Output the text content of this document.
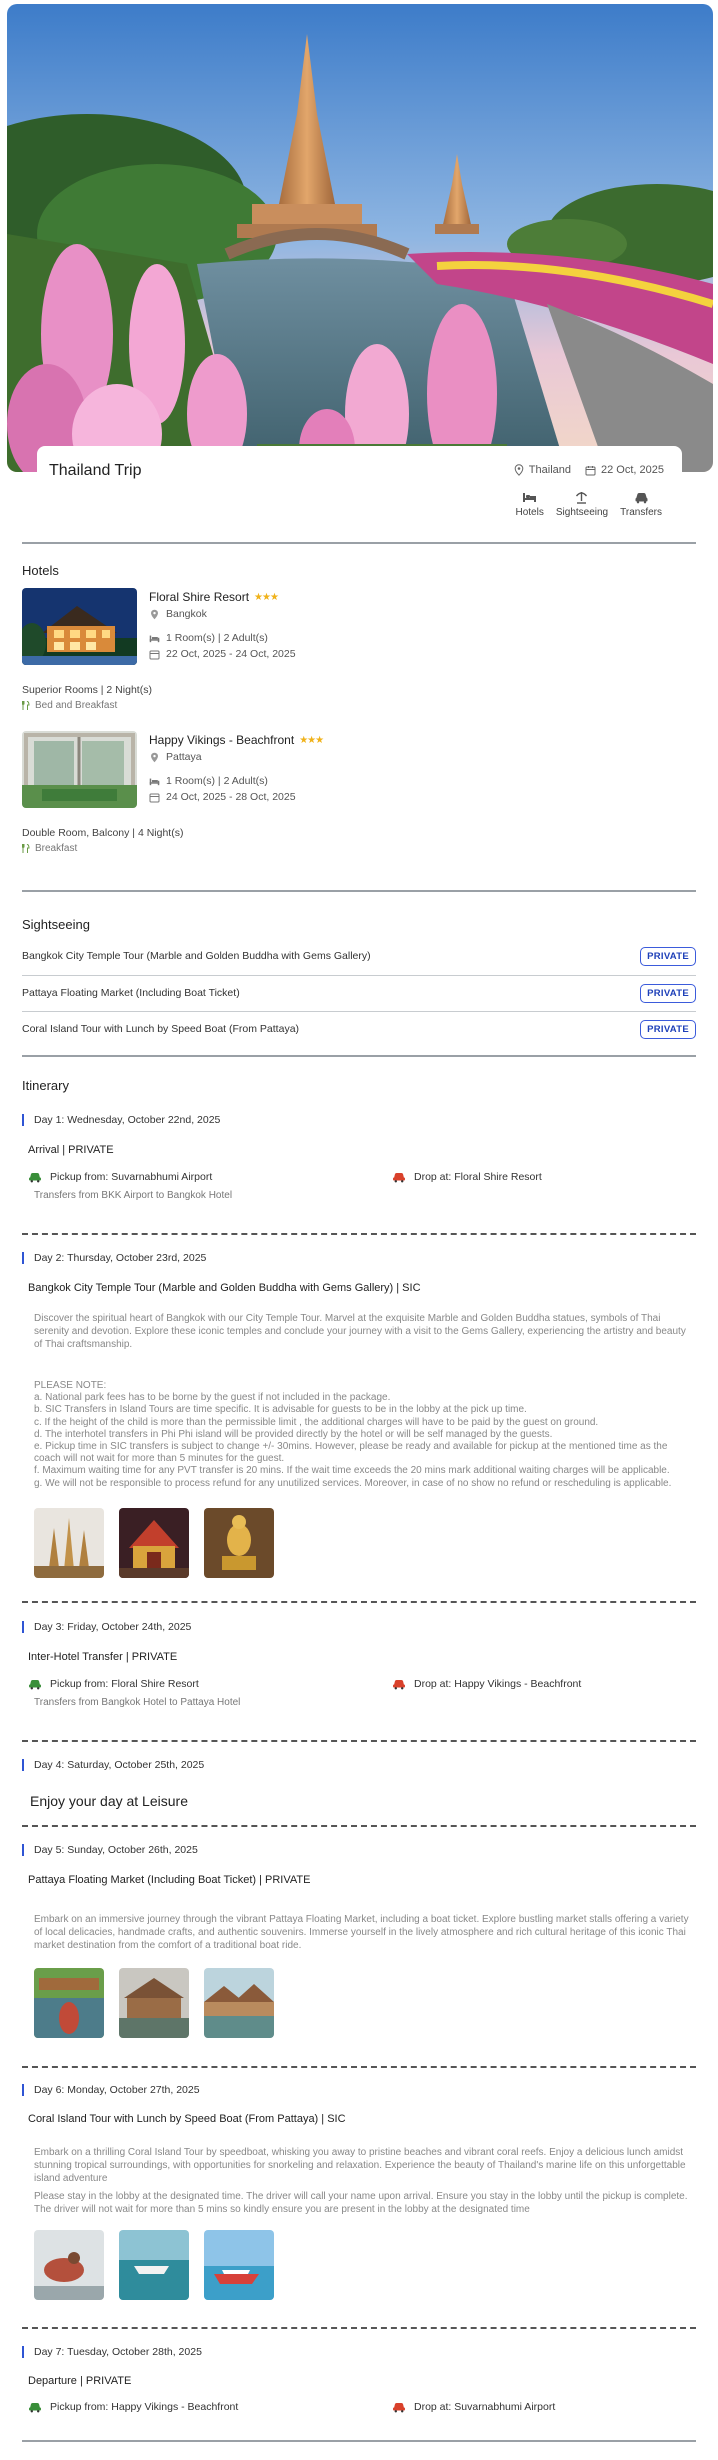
Thailand Trip	Thailand	22 Oct, 2025
Hotels Sightseeing Transfers
Hotels
Floral Shire Resort ★★★
Bangkok
1 Room(s) | 2 Adult(s)
22 Oct, 2025 - 24 Oct, 2025
Superior Rooms | 2 Night(s)
Bed and Breakfast
Happy Vikings - Beachfront ★★★
Pattaya
1 Room(s) | 2 Adult(s)
24 Oct, 2025 - 28 Oct, 2025
Double Room, Balcony | 4 Night(s)
Breakfast
Sightseeing
Bangkok City Temple Tour (Marble and Golden Buddha with Gems Gallery)	PRIVATE
Pattaya Floating Market (Including Boat Ticket)	PRIVATE
Coral Island Tour with Lunch by Speed Boat (From Pattaya)	PRIVATE
Itinerary
Day 1: Wednesday, October 22nd, 2025
Arrival | PRIVATE
Pickup from: Suvarnabhumi Airport	Drop at: Floral Shire Resort
Transfers from BKK Airport to Bangkok Hotel
Day 2: Thursday, October 23rd, 2025
Bangkok City Temple Tour (Marble and Golden Buddha with Gems Gallery) | SIC
Discover the spiritual heart of Bangkok with our City Temple Tour. Marvel at the exquisite Marble and Golden Buddha statues, symbols of Thai serenity and devotion. Explore these iconic temples and conclude your journey with a visit to the Gems Gallery, experiencing the artistry and beauty of Thai craftsmanship.
PLEASE NOTE:
a. National park fees has to be borne by the guest if not included in the package.
b. SIC Transfers in Island Tours are time specific. It is advisable for guests to be in the lobby at the pick up time.
c. If the height of the child is more than the permissible limit , the additional charges will have to be paid by the guest on ground.
d. The interhotel transfers in Phi Phi island will be provided directly by the hotel or will be self managed by the guests.
e. Pickup time in SIC transfers is subject to change +/- 30mins. However, please be ready and available for pickup at the mentioned time as the coach will not wait for more than 5 minutes for the guest.
f. Maximum waiting time for any PVT transfer is 20 mins. If the wait time exceeds the 20 mins mark additional waiting charges will be applicable.
g. We will not be responsible to process refund for any unutilized services. Moreover, in case of no show no refund or rescheduling is applicable.
Day 3: Friday, October 24th, 2025
Inter-Hotel Transfer | PRIVATE
Pickup from: Floral Shire Resort	Drop at: Happy Vikings - Beachfront
Transfers from Bangkok Hotel to Pattaya Hotel
Day 4: Saturday, October 25th, 2025
Enjoy your day at Leisure
Day 5: Sunday, October 26th, 2025
Pattaya Floating Market (Including Boat Ticket) | PRIVATE
Embark on an immersive journey through the vibrant Pattaya Floating Market, including a boat ticket. Explore bustling market stalls offering a variety of local delicacies, handmade crafts, and authentic souvenirs. Immerse yourself in the lively atmosphere and rich cultural heritage of this iconic Thai market destination from the comfort of a traditional boat ride.
Day 6: Monday, October 27th, 2025
Coral Island Tour with Lunch by Speed Boat (From Pattaya) | SIC
Embark on a thrilling Coral Island Tour by speedboat, whisking you away to pristine beaches and vibrant coral reefs. Enjoy a delicious lunch amidst stunning tropical surroundings, with opportunities for snorkeling and relaxation. Experience the beauty of Thailand's marine life on this unforgettable island adventure
Please stay in the lobby at the designated time. The driver will call your name upon arrival. Ensure you stay in the lobby until the pickup is complete. The driver will not wait for more than 5 mins so kindly ensure you are present in the lobby at the designated time
Day 7: Tuesday, October 28th, 2025
Departure | PRIVATE
Pickup from: Happy Vikings - Beachfront	Drop at: Suvarnabhumi Airport
